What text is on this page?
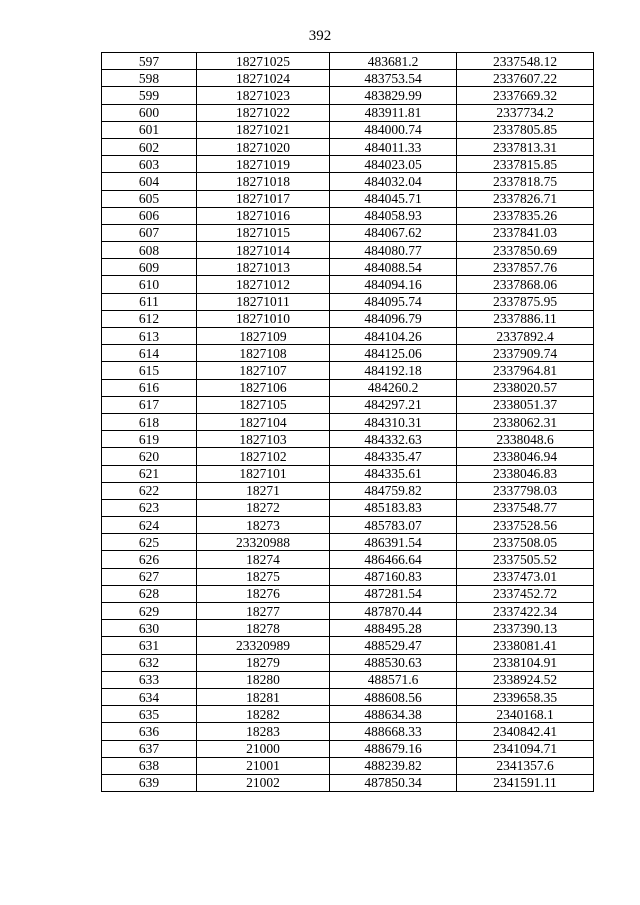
392
597	18271025	483681.2	2337548.12
598	18271024	483753.54	2337607.22
599	18271023	483829.99	2337669.32
600	18271022	483911.81	2337734.2
601	18271021	484000.74	2337805.85
602	18271020	484011.33	2337813.31
603	18271019	484023.05	2337815.85
604	18271018	484032.04	2337818.75
605	18271017	484045.71	2337826.71
606	18271016	484058.93	2337835.26
607	18271015	484067.62	2337841.03
608	18271014	484080.77	2337850.69
609	18271013	484088.54	2337857.76
610	18271012	484094.16	2337868.06
611	18271011	484095.74	2337875.95
612	18271010	484096.79	2337886.11
613	1827109	484104.26	2337892.4
614	1827108	484125.06	2337909.74
615	1827107	484192.18	2337964.81
616	1827106	484260.2	2338020.57
617	1827105	484297.21	2338051.37
618	1827104	484310.31	2338062.31
619	1827103	484332.63	2338048.6
620	1827102	484335.47	2338046.94
621	1827101	484335.61	2338046.83
622	18271	484759.82	2337798.03
623	18272	485183.83	2337548.77
624	18273	485783.07	2337528.56
625	23320988	486391.54	2337508.05
626	18274	486466.64	2337505.52
627	18275	487160.83	2337473.01
628	18276	487281.54	2337452.72
629	18277	487870.44	2337422.34
630	18278	488495.28	2337390.13
631	23320989	488529.47	2338081.41
632	18279	488530.63	2338104.91
633	18280	488571.6	2338924.52
634	18281	488608.56	2339658.35
635	18282	488634.38	2340168.1
636	18283	488668.33	2340842.41
637	21000	488679.16	2341094.71
638	21001	488239.82	2341357.6
639	21002	487850.34	2341591.11
